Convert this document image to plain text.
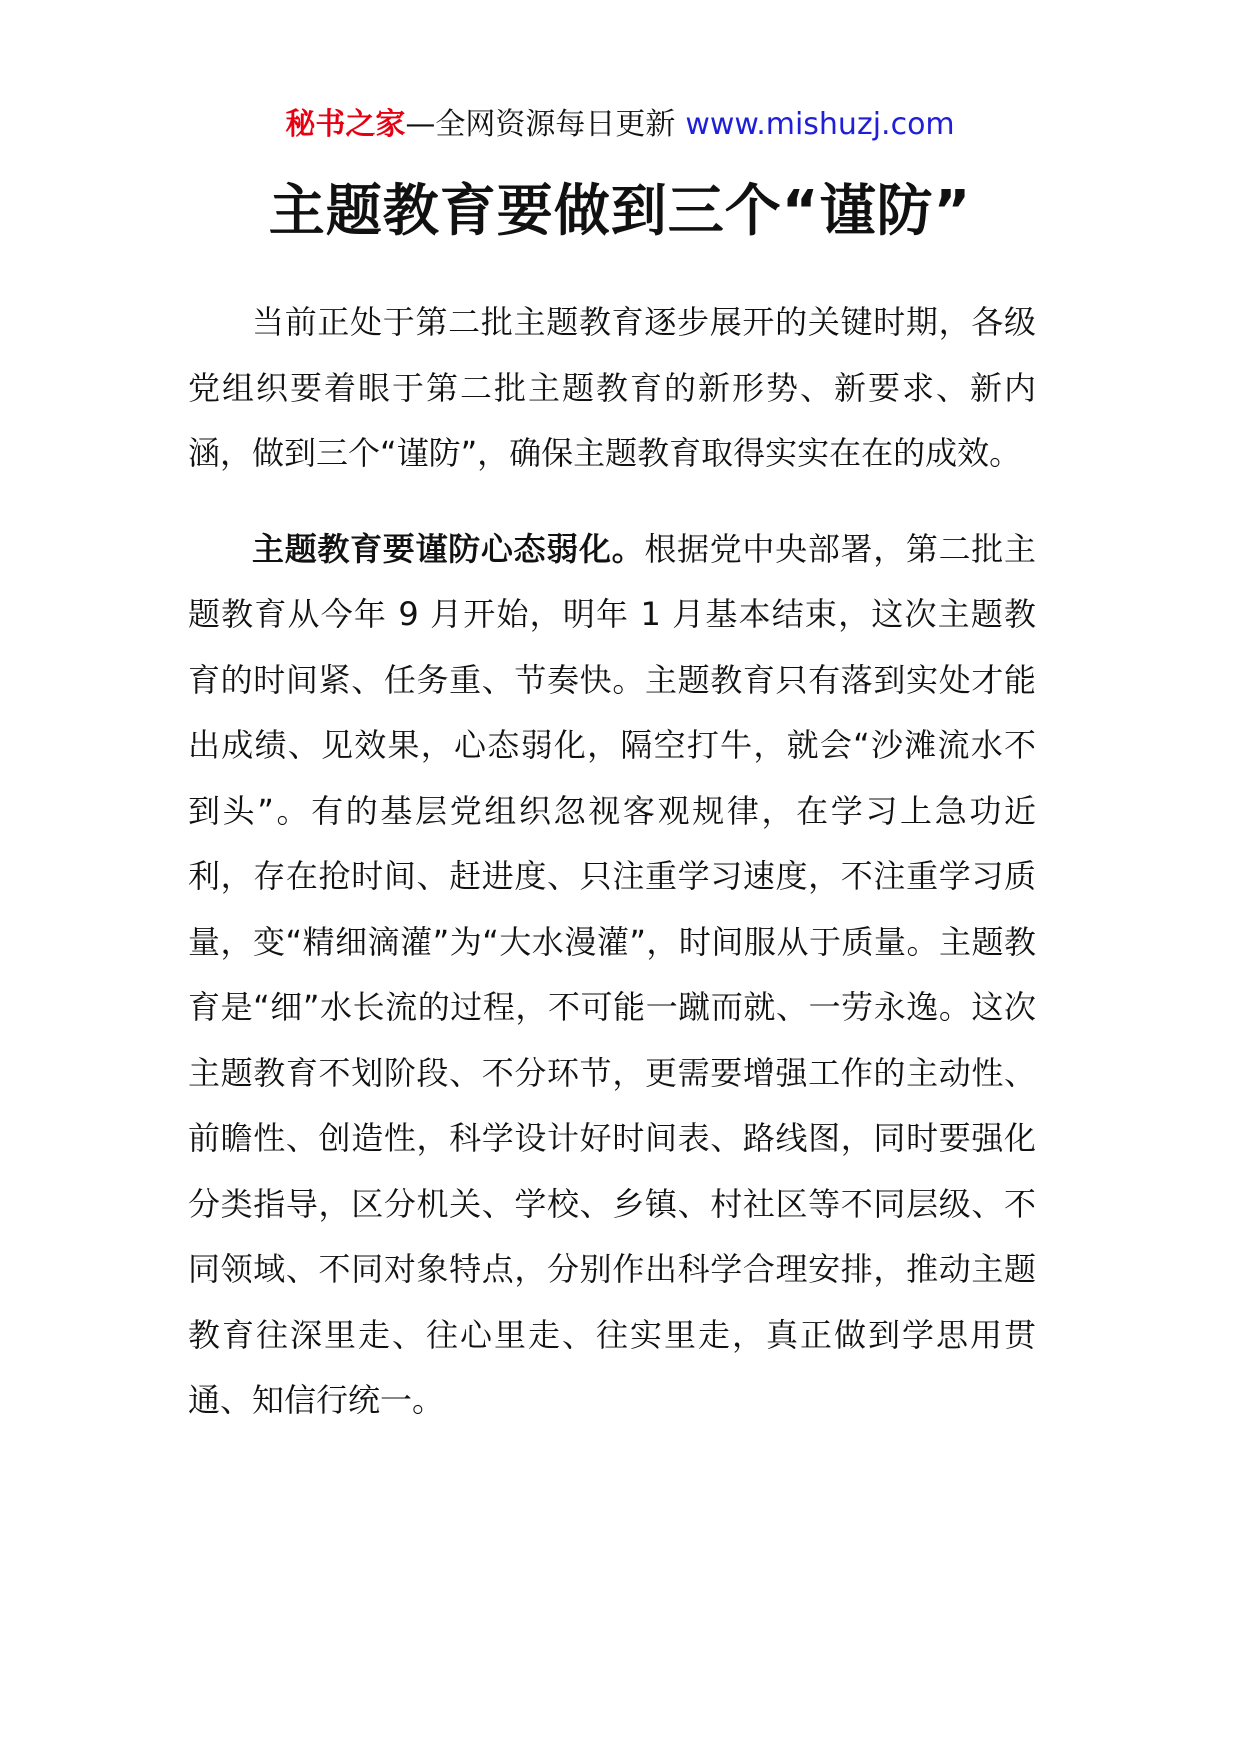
秘书之家—全网资源每日更新 www.mishuzj.com
主题教育要做到三个“谨防”

当前正处于第二批主题教育逐步展开的关键时期，各级党组织要着眼于第二批主题教育的新形势、新要求、新内涵，做到三个“谨防”，确保主题教育取得实实在在的成效。

主题教育要谨防心态弱化。根据党中央部署，第二批主题教育从今年 9 月开始，明年 1 月基本结束，这次主题教育的时间紧、任务重、节奏快。主题教育只有落到实处才能出成绩、见效果，心态弱化，隔空打牛，就会“沙滩流水不到头”。有的基层党组织忽视客观规律，在学习上急功近利，存在抢时间、赶进度、只注重学习速度，不注重学习质量，变“精细滴灌”为“大水漫灌”，时间服从于质量。主题教育是“细”水长流的过程，不可能一蹴而就、一劳永逸。这次主题教育不划阶段、不分环节，更需要增强工作的主动性、前瞻性、创造性，科学设计好时间表、路线图，同时要强化分类指导，区分机关、学校、乡镇、村社区等不同层级、不同领域、不同对象特点，分别作出科学合理安排，推动主题教育往深里走、往心里走、往实里走，真正做到学思用贯通、知信行统一。
